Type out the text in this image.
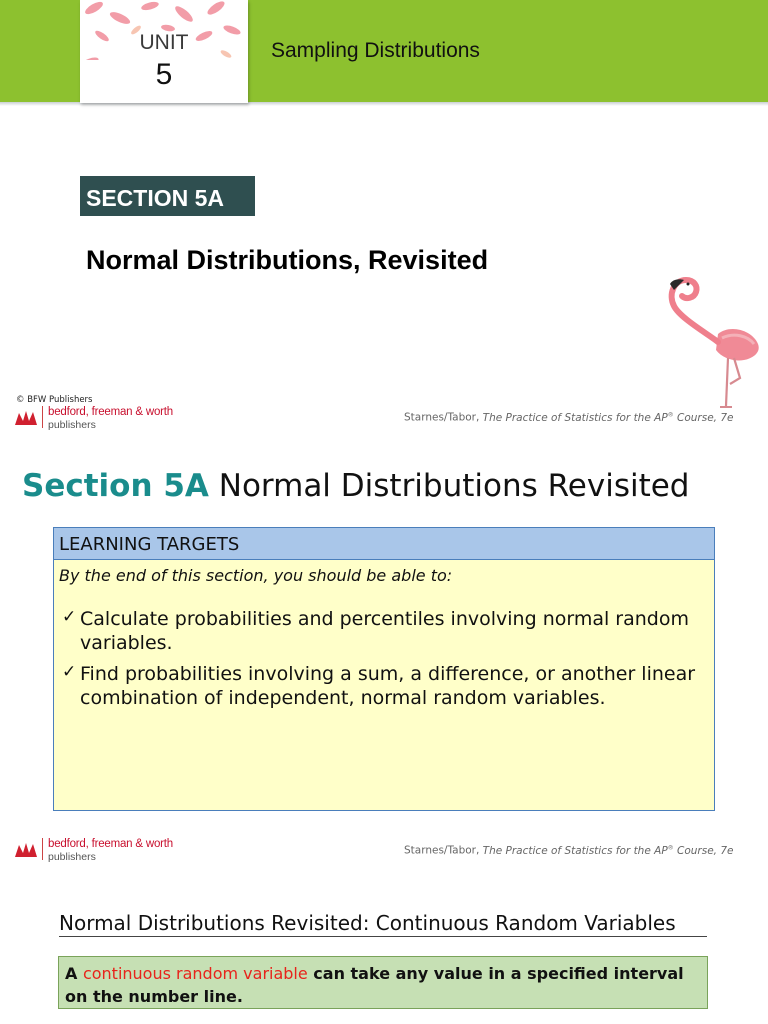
UNIT
5
Sampling Distributions
SECTION 5A
Normal Distributions, Revisited
© BFW Publishers
bedford, freeman & worth
publishers
Starnes/Tabor, The Practice of Statistics for the AP® Course, 7e
Section 5A Normal Distributions Revisited
LEARNING TARGETS
By the end of this section, you should be able to:
✓ Calculate probabilities and percentiles involving normal random variables.
✓ Find probabilities involving a sum, a difference, or another linear combination of independent, normal random variables.
bedford, freeman & worth
publishers
Starnes/Tabor, The Practice of Statistics for the AP® Course, 7e
Normal Distributions Revisited: Continuous Random Variables
A continuous random variable can take any value in a specified interval on the number line.
